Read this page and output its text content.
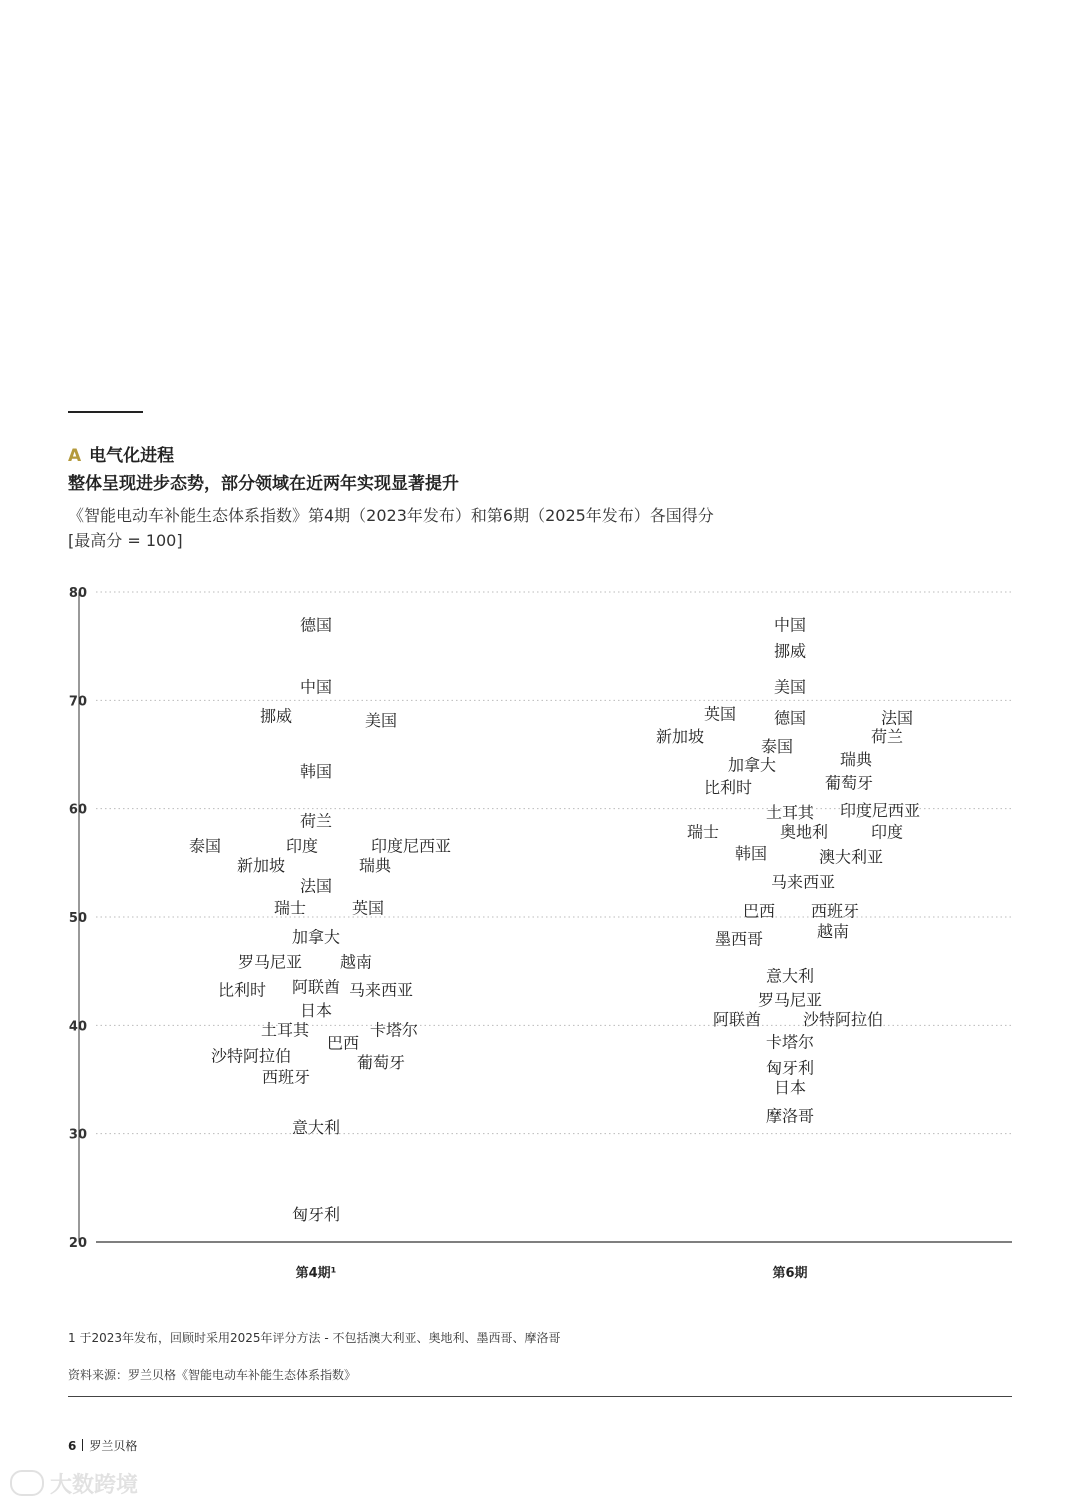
A 电气化进程
整体呈现进步态势，部分领域在近两年实现显著提升
《智能电动车补能生态体系指数》第4期（2023年发布）和第6期（2025年发布）各国得分
[最高分 = 100]
20
30
40
50
60
70
80
第4期¹	第6期
德国
中国
挪威	美国
韩国
荷兰
泰国	印度	印度尼西亚
新加坡	瑞典
法国
瑞士	英国
加拿大
罗马尼亚 越南
阿联酋
比利时	马来西亚
日本
土耳其	卡塔尔
巴西
沙特阿拉伯	葡萄牙
西班牙
意大利
匈牙利
中国
挪威
美国
英国 德国	法国
新加坡	荷兰
泰国
加拿大	瑞典
葡萄牙
比利时
土耳其 印度尼西亚
瑞士	奥地利	印度
韩国	澳大利亚
马来西亚
巴西 西班牙
墨西哥	越南
意大利
罗马尼亚
阿联酋	沙特阿拉伯
卡塔尔
匈牙利
日本
摩洛哥
1 于2023年发布，回顾时采用2025年评分方法 - 不包括澳大利亚、奥地利、墨西哥、摩洛哥
资料来源：罗兰贝格《智能电动车补能生态体系指数》
6 罗兰贝格
大数跨境
